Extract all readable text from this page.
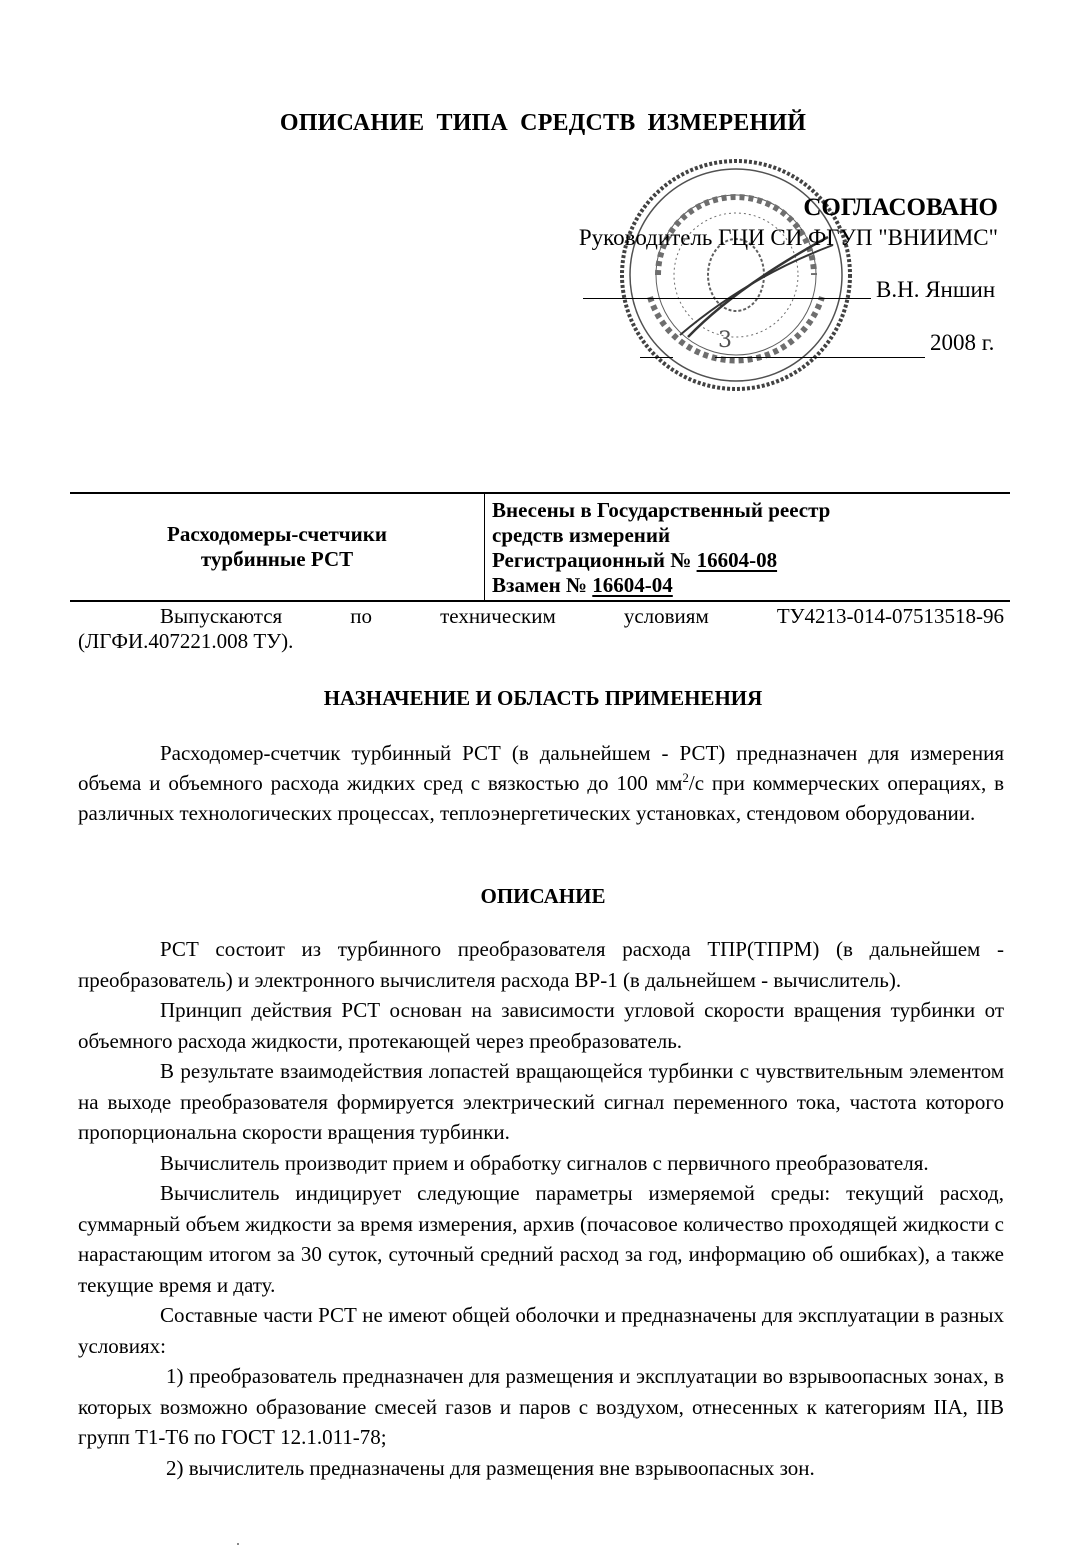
ОПИСАНИЕ ТИПА СРЕДСТВ ИЗМЕРЕНИЙ
3
СОГЛАСОВАНО
Руководитель ГЦИ СИ ФГУП "ВНИИМС"
В.Н. Яншин
2008 г.
Расходомеры-счетчики
турбинные РСТ
Внесены в Государственный реестр
средств измерений
Регистрационный № 16604-08
Взамен № 16604-04

Выпускаются по техническим условиям ТУ4213-014-07513518-96

(ЛГФИ.407221.008 ТУ).

НАЗНАЧЕНИЕ И ОБЛАСТЬ ПРИМЕНЕНИЯ

Расходомер-счетчик турбинный РСТ (в дальнейшем - РСТ) предназначен для измерения объема и объемного расхода жидких сред с вязкостью до 100 $мм^2/с$ при коммерческих операциях, в различных технологических процессах, теплоэнергетических установках, стендовом оборудовании.

ОПИСАНИЕ

РСТ состоит из турбинного преобразователя расхода ТПР(ТПРМ) (в дальнейшем - преобразователь) и электронного вычислителя расхода ВР-1 (в дальнейшем - вычислитель).

Принцип действия РСТ основан на зависимости угловой скорости вращения турбинки от объемного расхода жидкости, протекающей через преобразователь.

В результате взаимодействия лопастей вращающейся турбинки с чувствительным элементом на выходе преобразователя формируется электрический сигнал переменного тока, частота которого пропорциональна скорости вращения турбинки.

Вычислитель производит прием и обработку сигналов с первичного преобразователя.

Вычислитель индицирует следующие параметры измеряемой среды: текущий расход, суммарный объем жидкости за время измерения, архив (почасовое количество проходящей жидкости с нарастающим итогом за 30 суток, суточный средний расход за год, информацию об ошибках), а также текущие время и дату.

Составные части РСТ не имеют общей оболочки и предназначены для эксплуатации в разных условиях:

1) преобразователь предназначен для размещения и эксплуатации во взрывоопасных зонах, в которых возможно образование смесей газов и паров с воздухом, отнесенных к категориям IIA, IIB групп Т1-Т6 по ГОСТ 12.1.011-78;

2) вычислитель предназначены для размещения вне взрывоопасных зон.
